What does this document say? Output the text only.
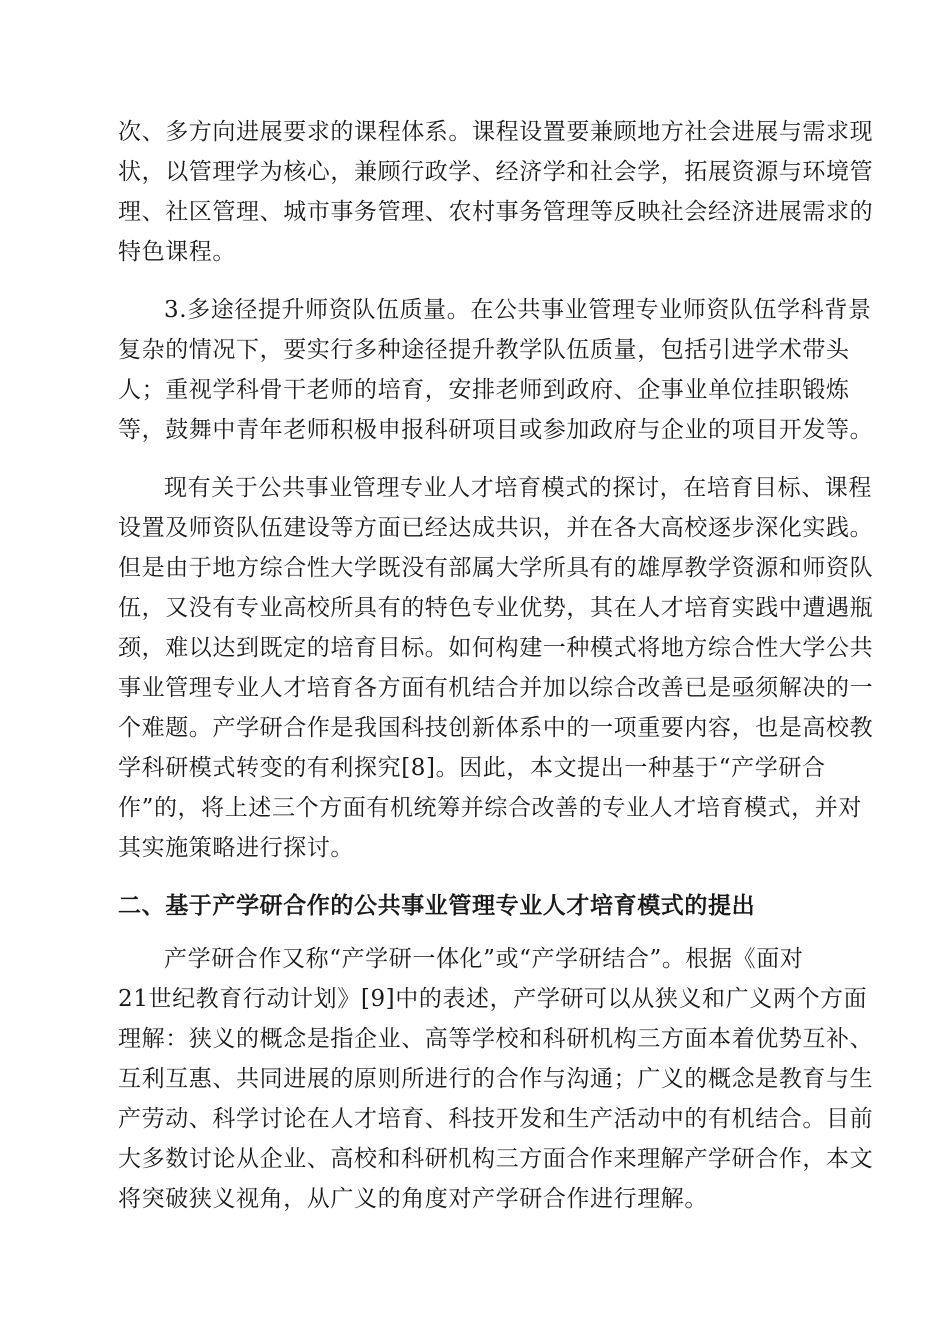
次、多方向进展要求的课程体系。课程设置要兼顾地方社会进展与需求现
状，以管理学为核心，兼顾行政学、经济学和社会学，拓展资源与环境管
理、社区管理、城市事务管理、农村事务管理等反映社会经济进展需求的
特色课程。
3.多途径提升师资队伍质量。在公共事业管理专业师资队伍学科背景
复杂的情况下，要实行多种途径提升教学队伍质量，包括引进学术带头
人；重视学科骨干老师的培育，安排老师到政府、企事业单位挂职锻炼
等，鼓舞中青年老师积极申报科研项目或参加政府与企业的项目开发等。
现有关于公共事业管理专业人才培育模式的探讨，在培育目标、课程
设置及师资队伍建设等方面已经达成共识，并在各大高校逐步深化实践。
但是由于地方综合性大学既没有部属大学所具有的雄厚教学资源和师资队
伍，又没有专业高校所具有的特色专业优势，其在人才培育实践中遭遇瓶
颈，难以达到既定的培育目标。如何构建一种模式将地方综合性大学公共
事业管理专业人才培育各方面有机结合并加以综合改善已是亟须解决的一
个难题。产学研合作是我国科技创新体系中的一项重要内容，也是高校教
学科研模式转变的有利探究[8]。因此，本文提出一种基于“产学研合
作”的，将上述三个方面有机统筹并综合改善的专业人才培育模式，并对
其实施策略进行探讨。
二、基于产学研合作的公共事业管理专业人才培育模式的提出
产学研合作又称“产学研一体化”或“产学研结合”。根据《面对
21世纪教育行动计划》[9]中的表述，产学研可以从狭义和广义两个方面
理解：狭义的概念是指企业、高等学校和科研机构三方面本着优势互补、
互利互惠、共同进展的原则所进行的合作与沟通；广义的概念是教育与生
产劳动、科学讨论在人才培育、科技开发和生产活动中的有机结合。目前
大多数讨论从企业、高校和科研机构三方面合作来理解产学研合作，本文
将突破狭义视角，从广义的角度对产学研合作进行理解。
